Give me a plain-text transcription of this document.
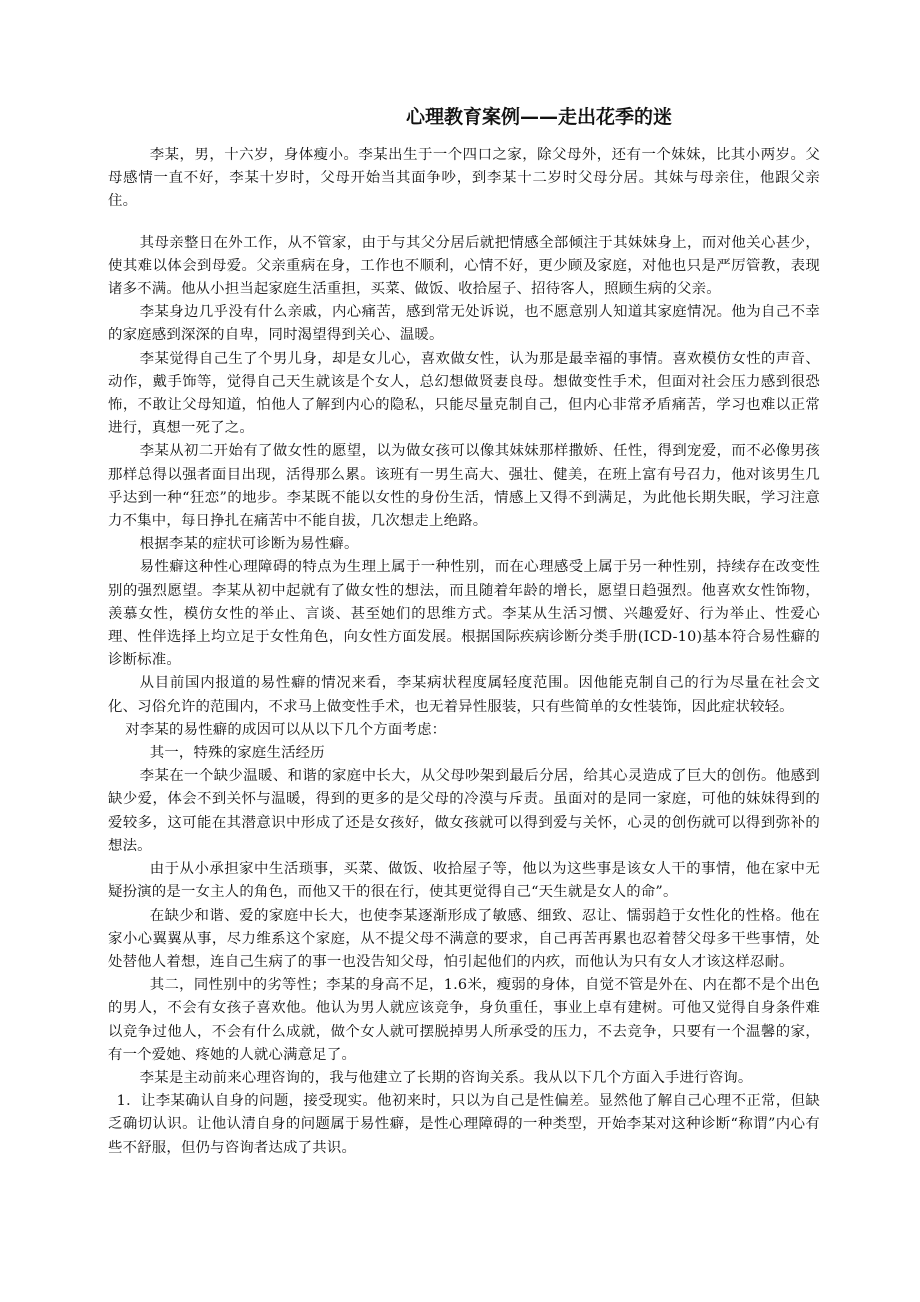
心理教育案例——走出花季的迷

李某，男，十六岁，身体瘦小。李某出生于一个四口之家，除父母外，还有一个妹妹，比其小两岁。父母感情一直不好，李某十岁时，父母开始当其面争吵，到李某十二岁时父母分居。其妹与母亲住，他跟父亲住。

其母亲整日在外工作，从不管家，由于与其父分居后就把情感全部倾注于其妹妹身上，而对他关心甚少，使其难以体会到母爱。父亲重病在身，工作也不顺利，心情不好，更少顾及家庭，对他也只是严厉管教，表现诸多不满。他从小担当起家庭生活重担，买菜、做饭、收拾屋子、招待客人，照顾生病的父亲。

李某身边几乎没有什么亲戚，内心痛苦，感到常无处诉说，也不愿意别人知道其家庭情况。他为自己不幸的家庭感到深深的自卑，同时渴望得到关心、温暖。

李某觉得自己生了个男儿身，却是女儿心，喜欢做女性，认为那是最幸福的事情。喜欢模仿女性的声音、动作，戴手饰等，觉得自己天生就该是个女人，总幻想做贤妻良母。想做变性手术，但面对社会压力感到很恐怖，不敢让父母知道，怕他人了解到内心的隐私，只能尽量克制自己，但内心非常矛盾痛苦，学习也难以正常进行，真想一死了之。

李某从初二开始有了做女性的愿望，以为做女孩可以像其妹妹那样撒娇、任性，得到宠爱，而不必像男孩那样总得以强者面目出现，活得那么累。该班有一男生高大、强壮、健美，在班上富有号召力，他对该男生几乎达到一种“狂恋”的地步。李某既不能以女性的身份生活，情感上又得不到满足，为此他长期失眠，学习注意力不集中，每日挣扎在痛苦中不能自拔，几次想走上绝路。

根据李某的症状可诊断为易性癖。

易性癖这种性心理障碍的特点为生理上属于一种性别，而在心理感受上属于另一种性别，持续存在改变性别的强烈愿望。李某从初中起就有了做女性的想法，而且随着年龄的增长，愿望日趋强烈。他喜欢女性饰物，羡慕女性，模仿女性的举止、言谈、甚至她们的思维方式。李某从生活习惯、兴趣爱好、行为举止、性爱心理、性伴选择上均立足于女性角色，向女性方面发展。根据国际疾病诊断分类手册(ICD-10)基本符合易性癖的诊断标准。

从目前国内报道的易性癖的情况来看，李某病状程度属轻度范围。因他能克制自己的行为尽量在社会文化、习俗允许的范围内，不求马上做变性手术，也无着异性服装，只有些简单的女性装饰，因此症状较轻。

对李某的易性癖的成因可以从以下几个方面考虑：

其一，特殊的家庭生活经历

李某在一个缺少温暖、和谐的家庭中长大，从父母吵架到最后分居，给其心灵造成了巨大的创伤。他感到缺少爱，体会不到关怀与温暖，得到的更多的是父母的冷漠与斥责。虽面对的是同一家庭，可他的妹妹得到的爱较多，这可能在其潜意识中形成了还是女孩好，做女孩就可以得到爱与关怀，心灵的创伤就可以得到弥补的想法。

由于从小承担家中生活琐事，买菜、做饭、收拾屋子等，他以为这些事是该女人干的事情，他在家中无疑扮演的是一女主人的角色，而他又干的很在行，使其更觉得自己“天生就是女人的命”。

在缺少和谐、爱的家庭中长大，也使李某逐渐形成了敏感、细致、忍让、懦弱趋于女性化的性格。他在家小心翼翼从事，尽力维系这个家庭，从不提父母不满意的要求，自己再苦再累也忍着替父母多干些事情，处处替他人着想，连自己生病了的事一也没告知父母，怕引起他们的内疚，而他认为只有女人才该这样忍耐。

其二，同性别中的劣等性；李某的身高不足，1.6米，瘦弱的身体，自觉不管是外在、内在都不是个出色的男人，不会有女孩子喜欢他。他认为男人就应该竞争，身负重任，事业上卓有建树。可他又觉得自身条件难以竞争过他人，不会有什么成就，做个女人就可摆脱掉男人所承受的压力，不去竞争，只要有一个温馨的家，有一个爱她、疼她的人就心满意足了。

李某是主动前来心理咨询的，我与他建立了长期的咨询关系。我从以下几个方面入手进行咨询。

1．让李某确认自身的问题，接受现实。他初来时，只以为自己是性偏差。显然他了解自己心理不正常，但缺乏确切认识。让他认清自身的问题属于易性癖，是性心理障碍的一种类型，开始李某对这种诊断“称谓”内心有些不舒服，但仍与咨询者达成了共识。
